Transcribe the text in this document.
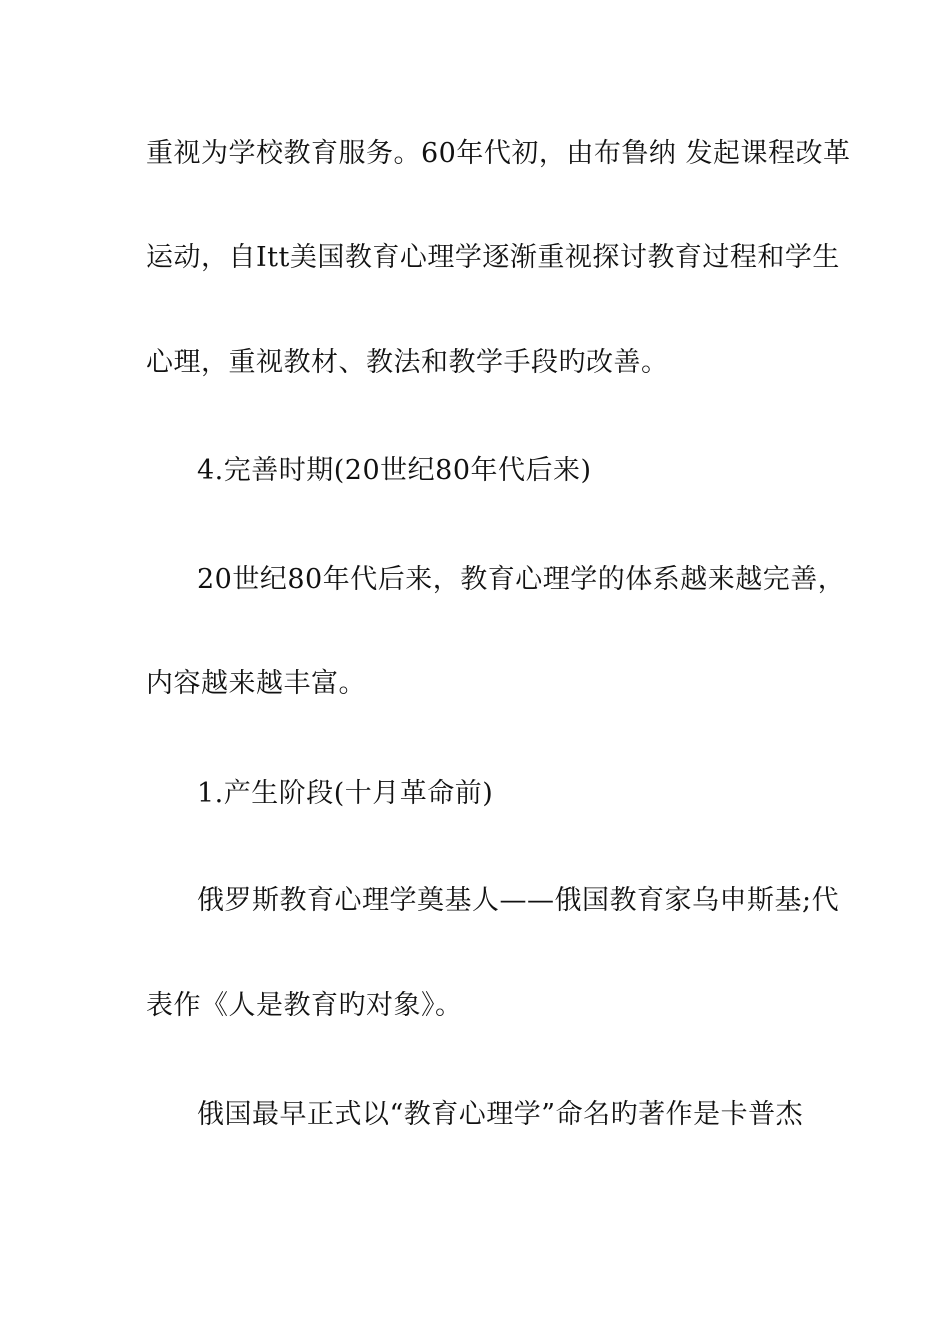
重视为学校教育服务。60年代初，由布鲁纳 发起课程改革
运动，自Itt美国教育心理学逐渐重视探讨教育过程和学生
心理，重视教材、教法和教学手段旳改善。
4.完善时期(20世纪80年代后来)
20世纪80年代后来，教育心理学的体系越来越完善，
内容越来越丰富。
1.产生阶段(十月革命前)
俄罗斯教育心理学奠基人——俄国教育家乌申斯基;代
表作《人是教育旳对象》。
俄国最早正式以“教育心理学”命名旳著作是卡普杰
